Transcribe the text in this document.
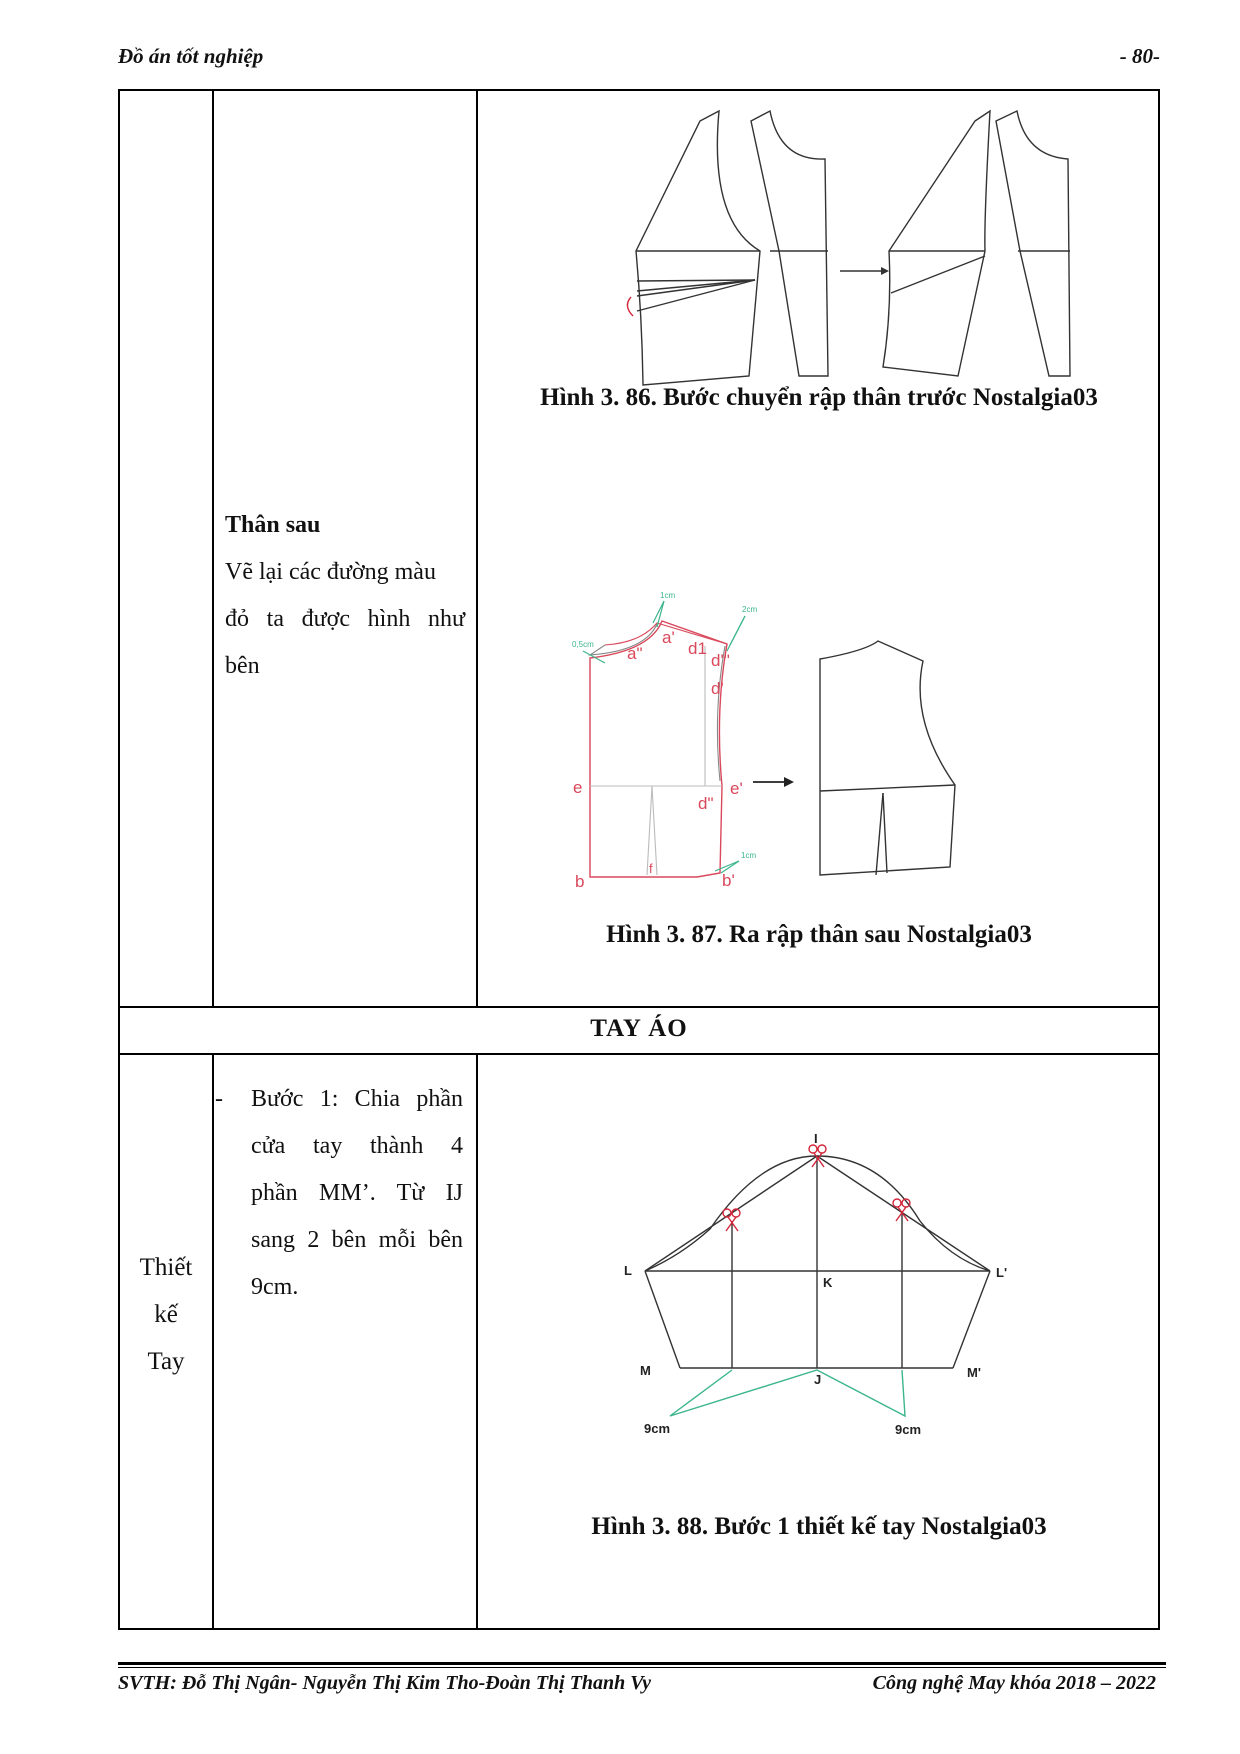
Đồ án tốt nghiệp	- 80-
Thân sau
Vẽ lại các đường màu
đỏ ta được hình như
bên
Hình 3. 86. Bước chuyển rập thân trước Nostalgia03
a"
a'
d1
d'"
d'
e	e'
d"
b	b'
f
0,5cm
1cm
2cm
1cm
Hình 3. 87. Ra rập thân sau Nostalgia03
TAY ÁO
Thiết
kế
Tay
- Bước 1: Chia phần
cửa tay thành 4
phần MM’. Từ IJ
sang 2 bên mỗi bên
9cm.
I
L	L'
K
M	M'
J
9cm	9cm
Hình 3. 88. Bước 1 thiết kế tay Nostalgia03
SVTH: Đỗ Thị Ngân- Nguyễn Thị Kim Tho-Đoàn Thị Thanh Vy	Công nghệ May khóa 2018 – 2022
